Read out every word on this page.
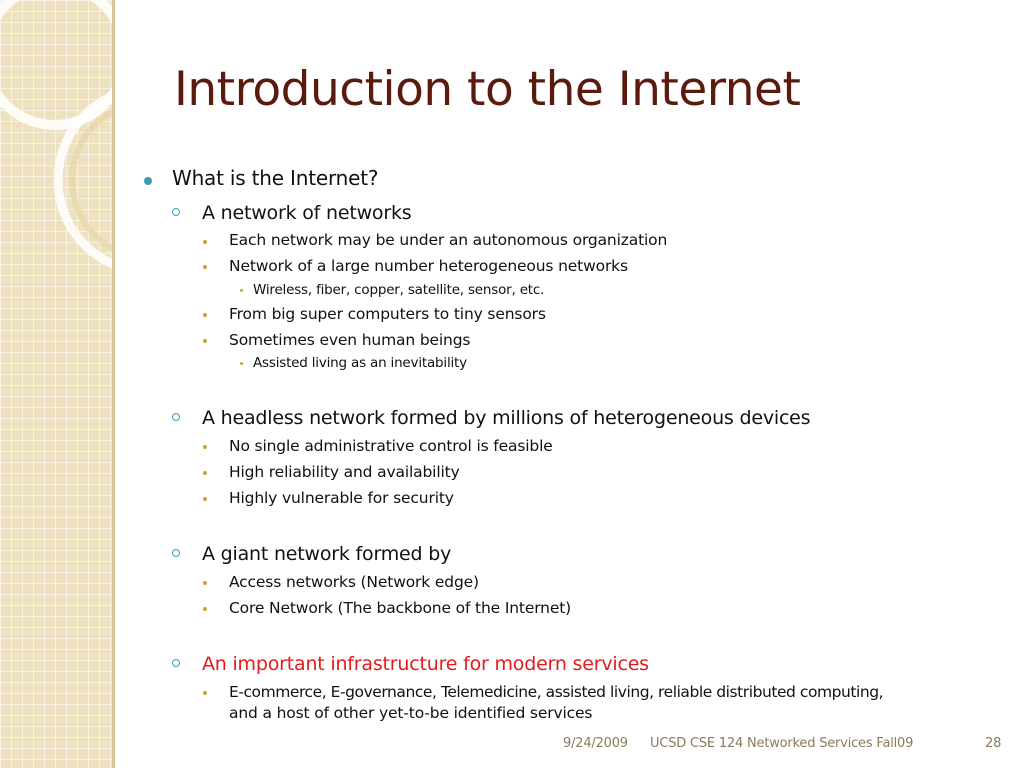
Introduction to the Internet
What is the Internet?
A network of networks
Each network may be under an autonomous organization
Network of a large number heterogeneous networks
Wireless, fiber, copper, satellite, sensor, etc.
From big super computers to tiny sensors
Sometimes even human beings
Assisted living as an inevitability
A headless network formed by millions of heterogeneous devices
No single administrative control is feasible
High reliability and availability
Highly vulnerable for security
A giant network formed by
Access networks (Network edge)
Core Network (The backbone of the Internet)
An important infrastructure for modern services
E-commerce, E-governance, Telemedicine, assisted living, reliable distributed computing,
and a host of other yet-to-be identified services
9/24/2009 UCSD CSE 124 Networked Services Fall09	28
